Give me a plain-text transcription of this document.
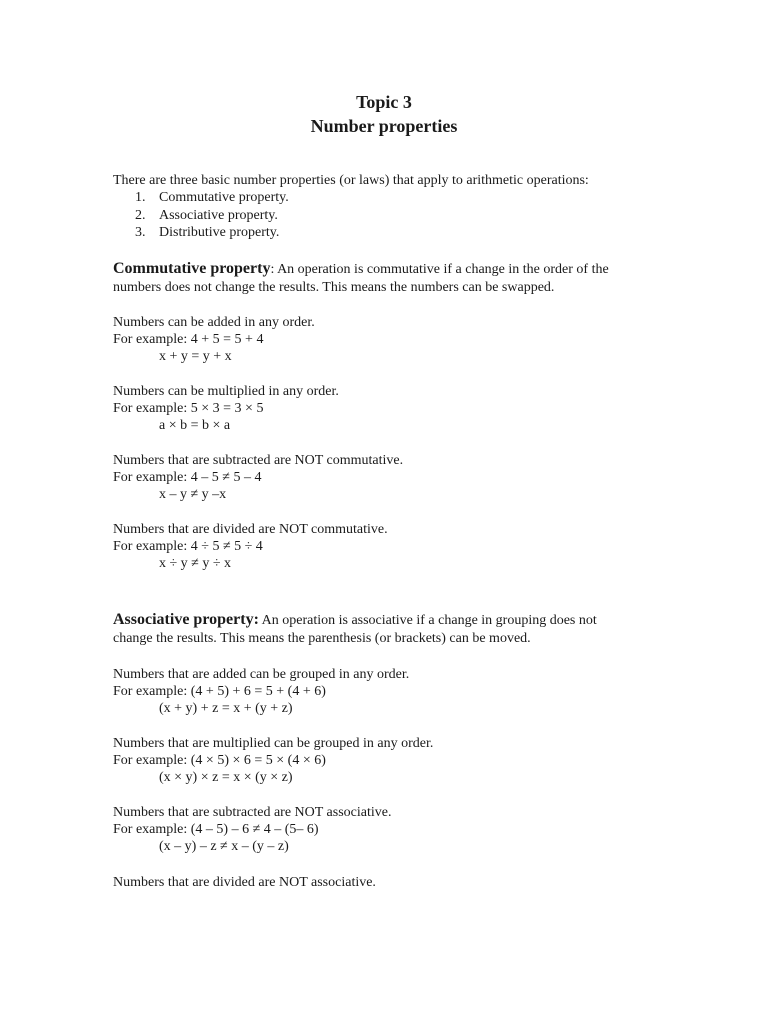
Topic 3
Number properties
There are three basic number properties (or laws) that apply to arithmetic operations:
1. Commutative property.
2. Associative property.
3. Distributive property.
Commutative property: An operation is commutative if a change in the order of the
numbers does not change the results. This means the numbers can be swapped.
Numbers can be added in any order.
For example: 4 + 5 = 5 + 4
x + y = y + x
Numbers can be multiplied in any order.
For example: 5 × 3 = 3 × 5
a × b = b × a
Numbers that are subtracted are NOT commutative.
For example: 4 – 5 ≠ 5 – 4
x – y ≠ y –x
Numbers that are divided are NOT commutative.
For example: 4 ÷ 5 ≠ 5 ÷ 4
x ÷ y ≠ y ÷ x
Associative property: An operation is associative if a change in grouping does not
change the results. This means the parenthesis (or brackets) can be moved.
Numbers that are added can be grouped in any order.
For example: (4 + 5) + 6 = 5 + (4 + 6)
(x + y) + z = x + (y + z)
Numbers that are multiplied can be grouped in any order.
For example: (4 × 5) × 6 = 5 × (4 × 6)
(x × y) × z = x × (y × z)
Numbers that are subtracted are NOT associative.
For example: (4 – 5) – 6 ≠ 4 – (5– 6)
(x – y) – z ≠ x – (y – z)
Numbers that are divided are NOT associative.
